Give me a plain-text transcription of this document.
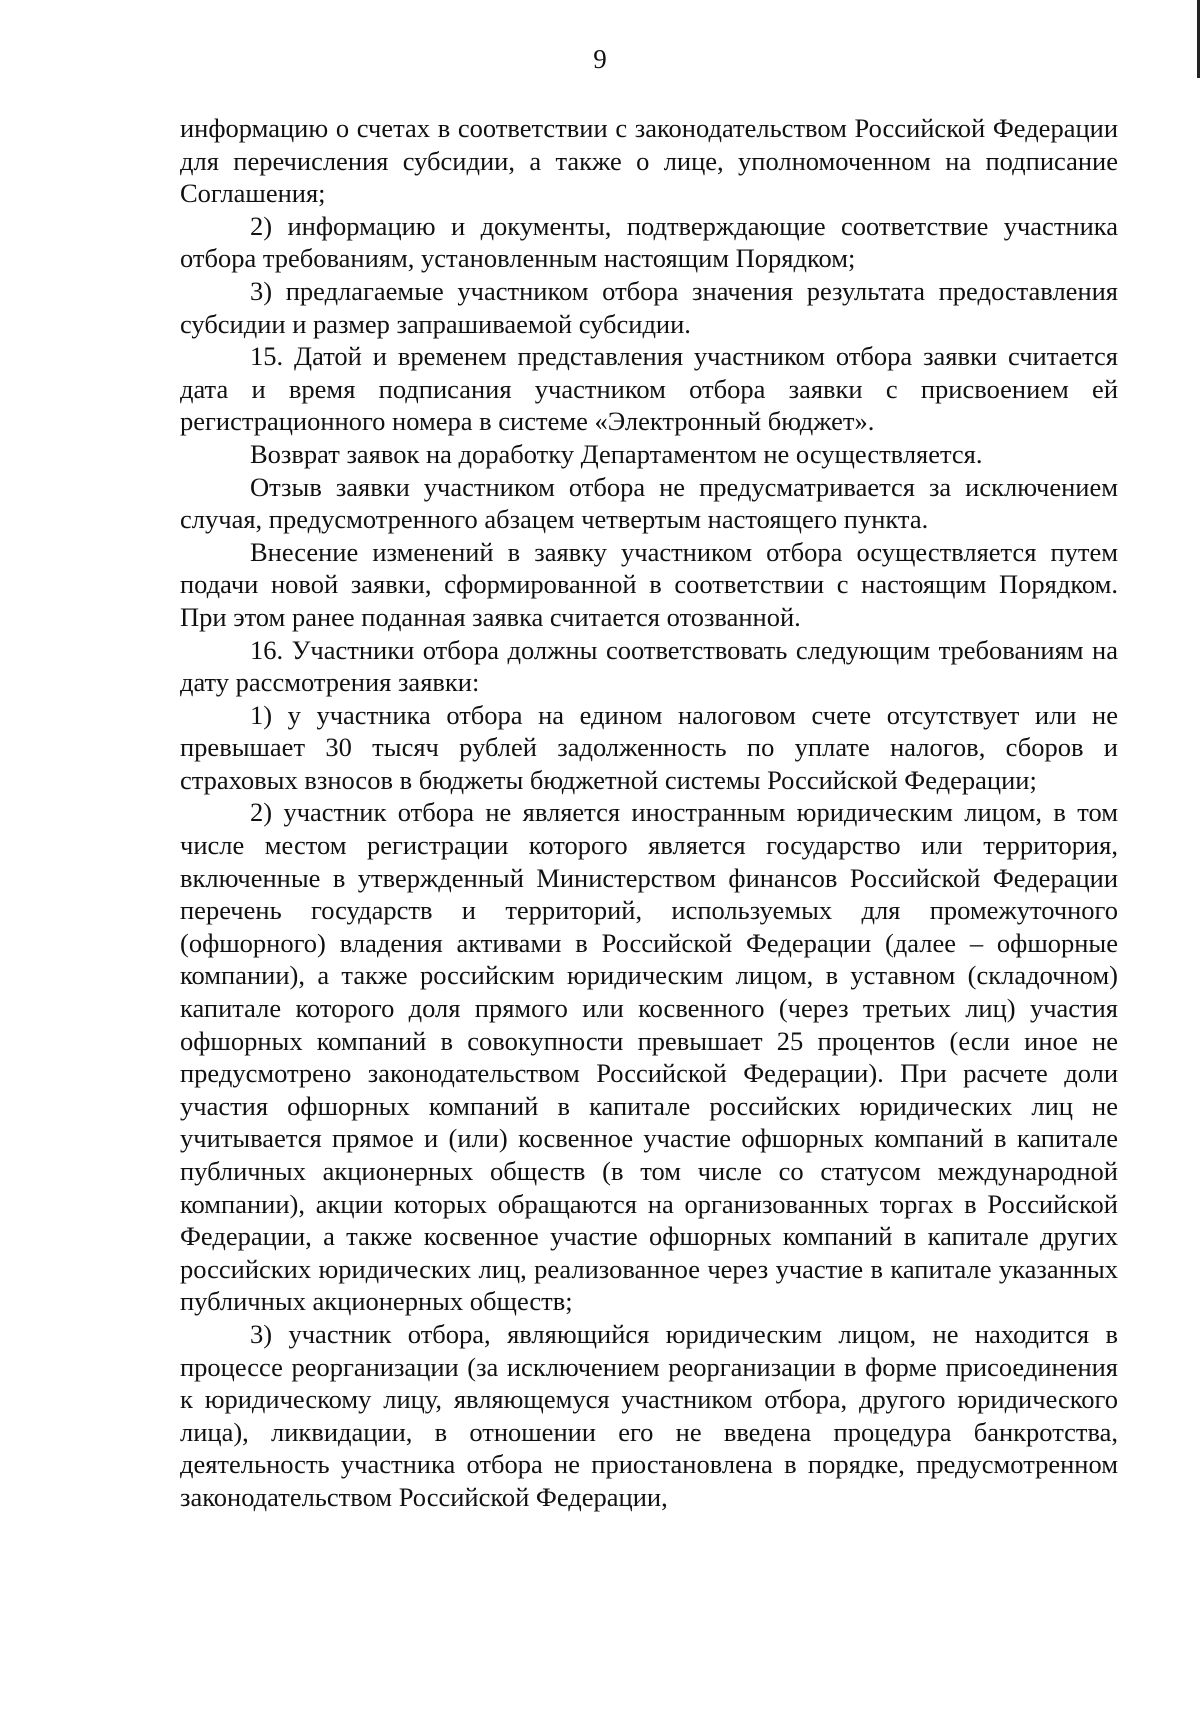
9

информацию о счетах в соответствии с законодательством Российской Федерации для перечисления субсидии, а также о лице, уполномоченном на подписание Соглашения;

2) информацию и документы, подтверждающие соответствие участника отбора требованиям, установленным настоящим Порядком;

3) предлагаемые участником отбора значения результата предоставления субсидии и размер запрашиваемой субсидии.

15. Датой и временем представления участником отбора заявки считается дата и время подписания участником отбора заявки с присвоением ей регистрационного номера в системе «Электронный бюджет».

Возврат заявок на доработку Департаментом не осуществляется.

Отзыв заявки участником отбора не предусматривается за исключением случая, предусмотренного абзацем четвертым настоящего пункта.

Внесение изменений в заявку участником отбора осуществляется путем подачи новой заявки, сформированной в соответствии с настоящим Порядком. При этом ранее поданная заявка считается отозванной.

16. Участники отбора должны соответствовать следующим требованиям на дату рассмотрения заявки:

1) у участника отбора на едином налоговом счете отсутствует или не превышает 30 тысяч рублей задолженность по уплате налогов, сборов и страховых взносов в бюджеты бюджетной системы Российской Федерации;

2) участник отбора не является иностранным юридическим лицом, в том числе местом регистрации которого является государство или территория, включенные в утвержденный Министерством финансов Российской Федерации перечень государств и территорий, используемых для промежуточного (офшорного) владения активами в Российской Федерации (далее – офшорные компании), а также российским юридическим лицом, в уставном (складочном) капитале которого доля прямого или косвенного (через третьих лиц) участия офшорных компаний в совокупности превышает 25 процентов (если иное не предусмотрено законодательством Российской Федерации). При расчете доли участия офшорных компаний в капитале российских юридических лиц не учитывается прямое и (или) косвенное участие офшорных компаний в капитале публичных акционерных обществ (в том числе со статусом международной компании), акции которых обращаются на организованных торгах в Российской Федерации, а также косвенное участие офшорных компаний в капитале других российских юридических лиц, реализованное через участие в капитале указанных публичных акционерных обществ;

3) участник отбора, являющийся юридическим лицом, не находится в процессе реорганизации (за исключением реорганизации в форме присоединения к юридическому лицу, являющемуся участником отбора, другого юридического лица), ликвидации, в отношении его не введена процедура банкротства, деятельность участника отбора не приостановлена в порядке, предусмотренном законодательством Российской Федерации,
